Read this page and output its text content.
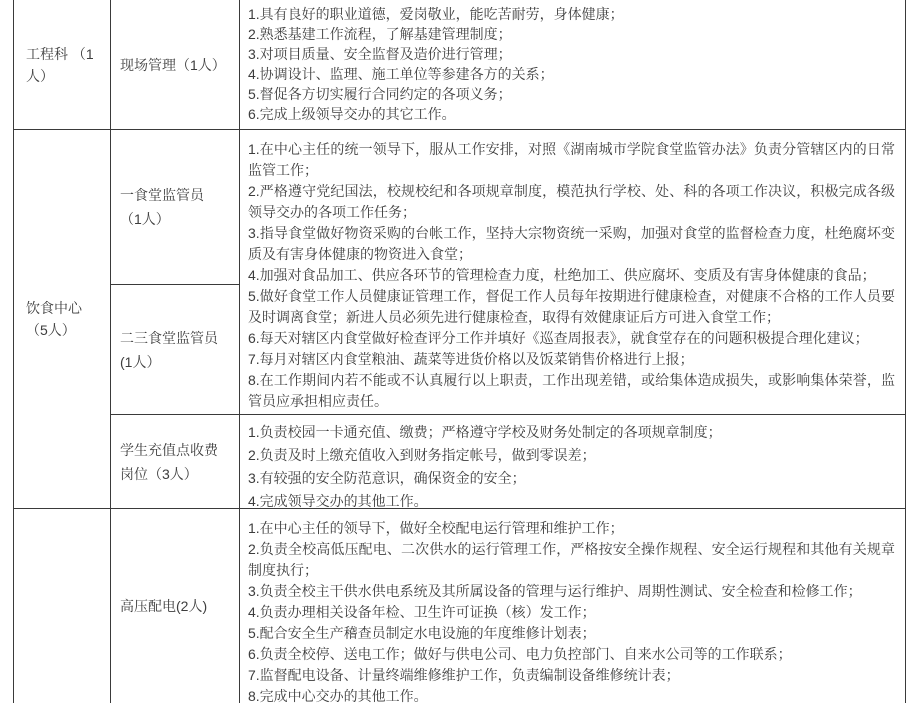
工程科 （1人）
饮食中心
（5人）
现场管理（1人）
一食堂监管员 （1人）
二三食堂监管员(1人）
学生充值点收费岗位（3人）
高压配电(2人)
1.具有良好的职业道德，爱岗敬业，能吃苦耐劳，身体健康；
2.熟悉基建工作流程，了解基建管理制度；
3.对项目质量、安全监督及造价进行管理；
4.协调设计、监理、施工单位等参建各方的关系；
5.督促各方切实履行合同约定的各项义务；
6.完成上级领导交办的其它工作。
1.在中心主任的统一领导下，服从工作安排，对照《湖南城市学院食堂监管办法》负责分管辖区内的日常监管工作；
2.严格遵守党纪国法，校规校纪和各项规章制度，模范执行学校、处、科的各项工作决议，积极完成各级领导交办的各项工作任务；
3.指导食堂做好物资采购的台帐工作，坚持大宗物资统一采购，加强对食堂的监督检查力度，杜绝腐坏变质及有害身体健康的物资进入食堂；
4.加强对食品加工、供应各环节的管理检查力度，杜绝加工、供应腐坏、变质及有害身体健康的食品；
5.做好食堂工作人员健康证管理工作，督促工作人员每年按期进行健康检查，对健康不合格的工作人员要及时调离食堂；新进人员必须先进行健康检查，取得有效健康证后方可进入食堂工作；
6.每天对辖区内食堂做好检查评分工作并填好《巡查周报表》，就食堂存在的问题积极提合理化建议；
7.每月对辖区内食堂粮油、蔬菜等进货价格以及饭菜销售价格进行上报；
8.在工作期间内若不能或不认真履行以上职责，工作出现差错，或给集体造成损失，或影响集体荣誉，监管员应承担相应责任。
1.负责校园一卡通充值、缴费；严格遵守学校及财务处制定的各项规章制度；
2.负责及时上缴充值收入到财务指定帐号，做到零误差；
3.有较强的安全防范意识，确保资金的安全；
4.完成领导交办的其他工作。
1.在中心主任的领导下，做好全校配电运行管理和维护工作；
2.负责全校高低压配电、二次供水的运行管理工作，严格按安全操作规程、安全运行规程和其他有关规章制度执行；
3.负责全校主干供水供电系统及其所属设备的管理与运行维护、周期性测试、安全检查和检修工作；
4.负责办理相关设备年检、卫生许可证换（核）发工作；
5.配合安全生产稽查员制定水电设施的年度维修计划表；
6.负责全校停、送电工作；做好与供电公司、电力负控部门、自来水公司等的工作联系；
7.监督配电设备、计量终端维修维护工作，负责编制设备维修统计表；
8.完成中心交办的其他工作。
